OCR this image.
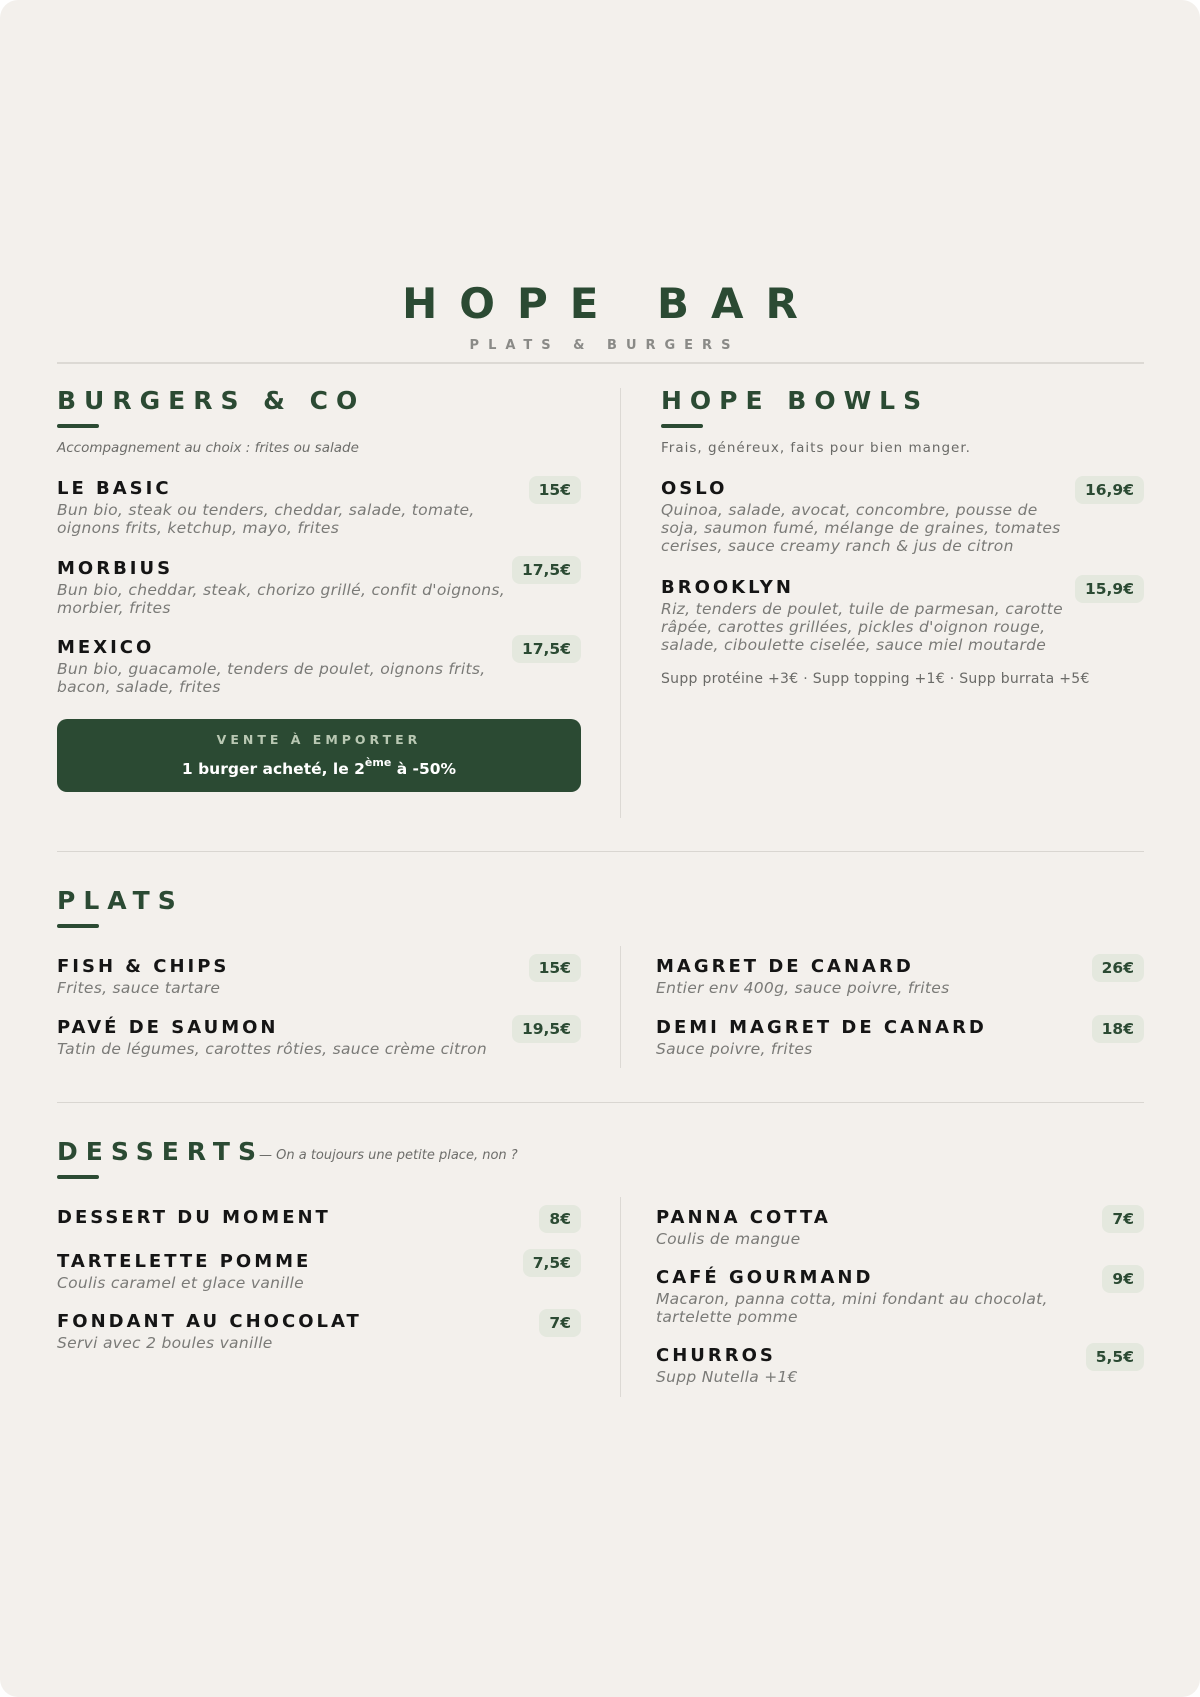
HOPE BAR
PLATS & BURGERS
BURGERS & CO
Accompagnement au choix : frites ou salade
LE BASIC
Bun bio, steak ou tenders, cheddar, salade, tomate, oignons frits, ketchup, mayo, frites
15€
MORBIUS
Bun bio, cheddar, steak, chorizo grillé, confit d'oignons, morbier, frites
17,5€
MEXICO
Bun bio, guacamole, tenders de poulet, oignons frits, bacon, salade, frites
17,5€
VENTE À EMPORTER
1 burger acheté, le 2ème à -50%
HOPE BOWLS
Frais, généreux, faits pour bien manger.
OSLO
Quinoa, salade, avocat, concombre, pousse de soja, saumon fumé, mélange de graines, tomates cerises, sauce creamy ranch & jus de citron
16,9€
BROOKLYN
Riz, tenders de poulet, tuile de parmesan, carotte râpée, carottes grillées, pickles d'oignon rouge, salade, ciboulette ciselée, sauce miel moutarde
15,9€
Supp protéine +3€ · Supp topping +1€ · Supp burrata +5€
PLATS
FISH & CHIPS
Frites, sauce tartare
15€
PAVÉ DE SAUMON
Tatin de légumes, carottes rôties, sauce crème citron
19,5€
MAGRET DE CANARD
Entier env 400g, sauce poivre, frites
26€
DEMI MAGRET DE CANARD
Sauce poivre, frites
18€
DESSERTS
— On a toujours une petite place, non ?
DESSERT DU MOMENT	8€
TARTELETTE POMME
Coulis caramel et glace vanille
7,5€
FONDANT AU CHOCOLAT
Servi avec 2 boules vanille
7€
PANNA COTTA
Coulis de mangue
7€
CAFÉ GOURMAND
Macaron, panna cotta, mini fondant au chocolat, tartelette pomme
9€
CHURROS
Supp Nutella +1€
5,5€
